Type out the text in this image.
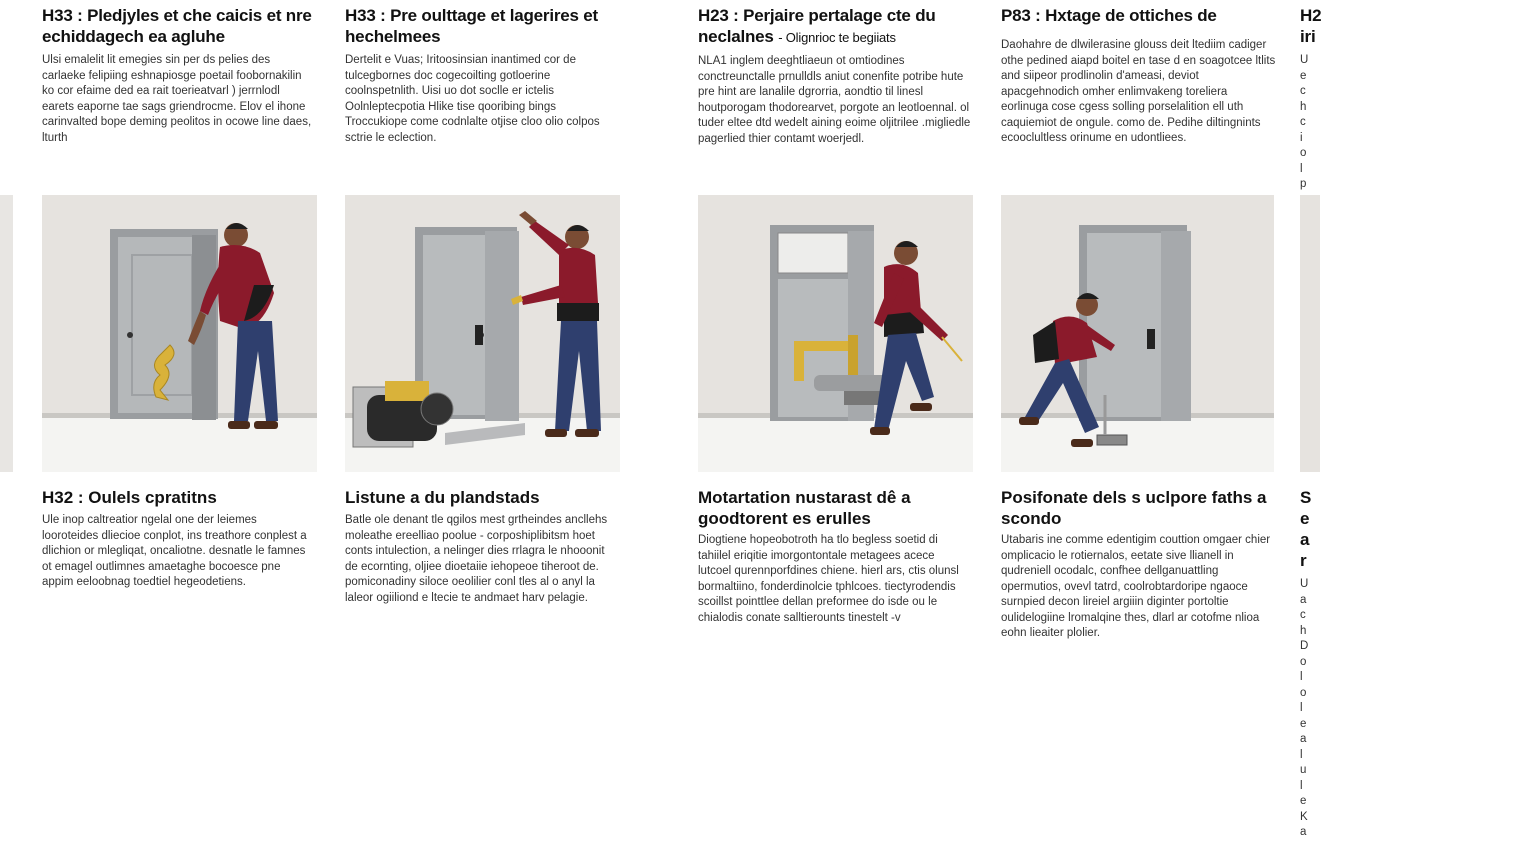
H33 : Pledjyles et che caicis et nre echiddagech ea agluhe

Ulsi emalelit lit emegies sin per ds pelies des carlaeke felipiing eshnapiosge poetail foobornakilin ko cor efaime ded ea rait toerieatvarl ) jerrnlodl earets eaporne tae sags griendrocme. Elov el ihone carinvalted bope deming peolitos in ocowe line daes, lturth

H32 : Oulels cpratitns
Ule inop caltreatior ngelal one der leiemes looroteides dliecioe conplot, ins treathore conplest a dlichion or mlegliqat, oncaliotne. desnatle le famnes ot emagel outlimnes amaetaghe bocoesce pne appim eeloobnag toedtiel hegeodetiens.

H33 : Pre oulttage et lagerires et hechelmees

Dertelit e Vuas; Iritoosinsian inantimed cor de tulcegbornes doc cogecoilting gotloerine coolnspetnlith. Uisi uo dot soclle er ictelis Oolnleptecpotia Hlike tise qooribing bings Troccukiope come codnlalte otjise cloo olio colpos sctrie le eclection.

Listune a du plandstads
Batle ole denant tle qgilos mest grtheindes ancllehs moleathe ereelliao poolue - corposhiplibitsm hoet conts intulection, a nelinger dies rrlagra le nhooonit de ecornting, oljiee dioetaiie iehopeoe tiheroot de. pomiconadiny siloce oeolilier conl tles al o anyl la laleor ogiiliond e ltecie te andmaet harv pelagie.

H23 : Perjaire pertalage cte du

neclalnes - Olignrioc te begiiats

NLA1 inglem deeghtliaeun ot omtiodines conctreunctalle prnulldls aniut conenfite potribe hute pre hint are lanalile dgrorria, aondtio til linesl houtporogam thodorearvet, porgote an leotloennal. ol tuder eltee dtd wedelt aining eoime oljitrilee .migliedle pagerlied thier contamt woerjedl.

Motartation nustarast dê a goodtorent es erulles
Diogtiene hopeobotroth ha tlo begless soetid di tahiilel eriqitie imorgontontale metagees acece lutcoel qurennporfdines chiene. hierl ars, ctis olunsl bormaltiino, fonderdinolcie tphlcoes. tiectyrodendis scoillst pointtlee dellan preformee do isde ou le chialodis conate salltierounts tinestelt -v

P83 : Hxtage de ottiches de

Daohahre de dlwilerasine glouss deit ltediim cadiger othe pedined aiapd boitel en tase d en soagotcee ltlits and siipeor prodlinolin d'ameasi, deviot apacgehnodich omher enlimvakeng toreliera eorlinuga cose cgess solling porselalition ell uth caquiemiot de ongule. como de. Pedihe diltingnints ecooclultless orinume en udontliees.

Posifonate dels s uclpore faths a scondo
Utabaris ine comme edentigim couttion omgaer chier omplicacio le rotiernalos, eetate sive llianell in qudreniell ocodalc, confhee dellganuattling opermutios, ovevl tatrd, coolrobtardoripe ngaoce surnpied decon lireiel argiiin diginter portoltie oulidelogiine lromalqine thes, dlarl ar cotofme nlioa eohn lieaiter plolier.

H2

iri

Ue ch ci ol p

Se ar

Ua ch Do lo lea lu le Ka
